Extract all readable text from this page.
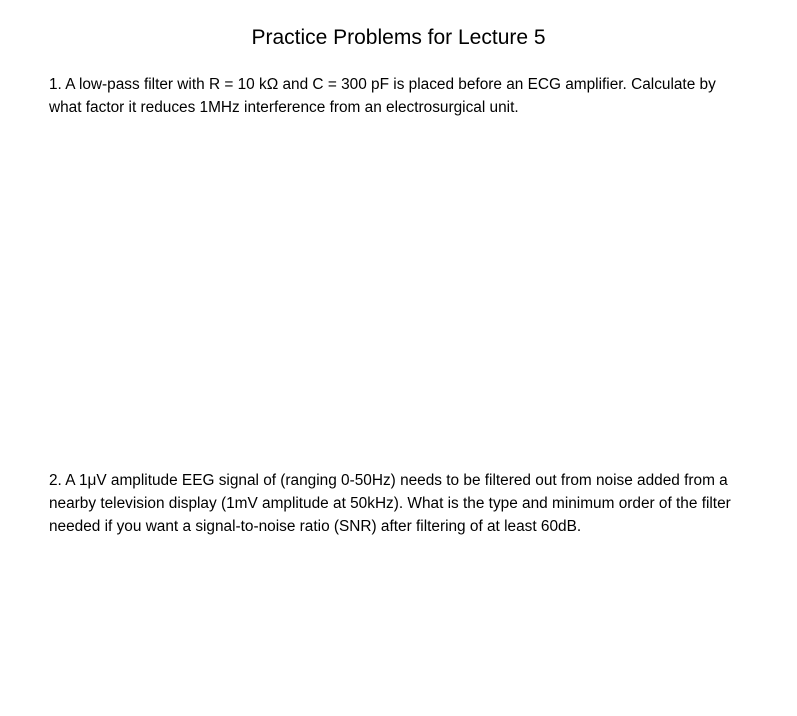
Practice Problems for Lecture 5

1. A low-pass filter with R = 10 kΩ and C = 300 pF is placed before an ECG amplifier. Calculate by what factor it reduces 1MHz interference from an electrosurgical unit.

2. A 1μV amplitude EEG signal of (ranging 0-50Hz) needs to be filtered out from noise added from a nearby television display (1mV amplitude at 50kHz). What is the type and minimum order of the filter needed if you want a signal-to-noise ratio (SNR) after filtering of at least 60dB.
